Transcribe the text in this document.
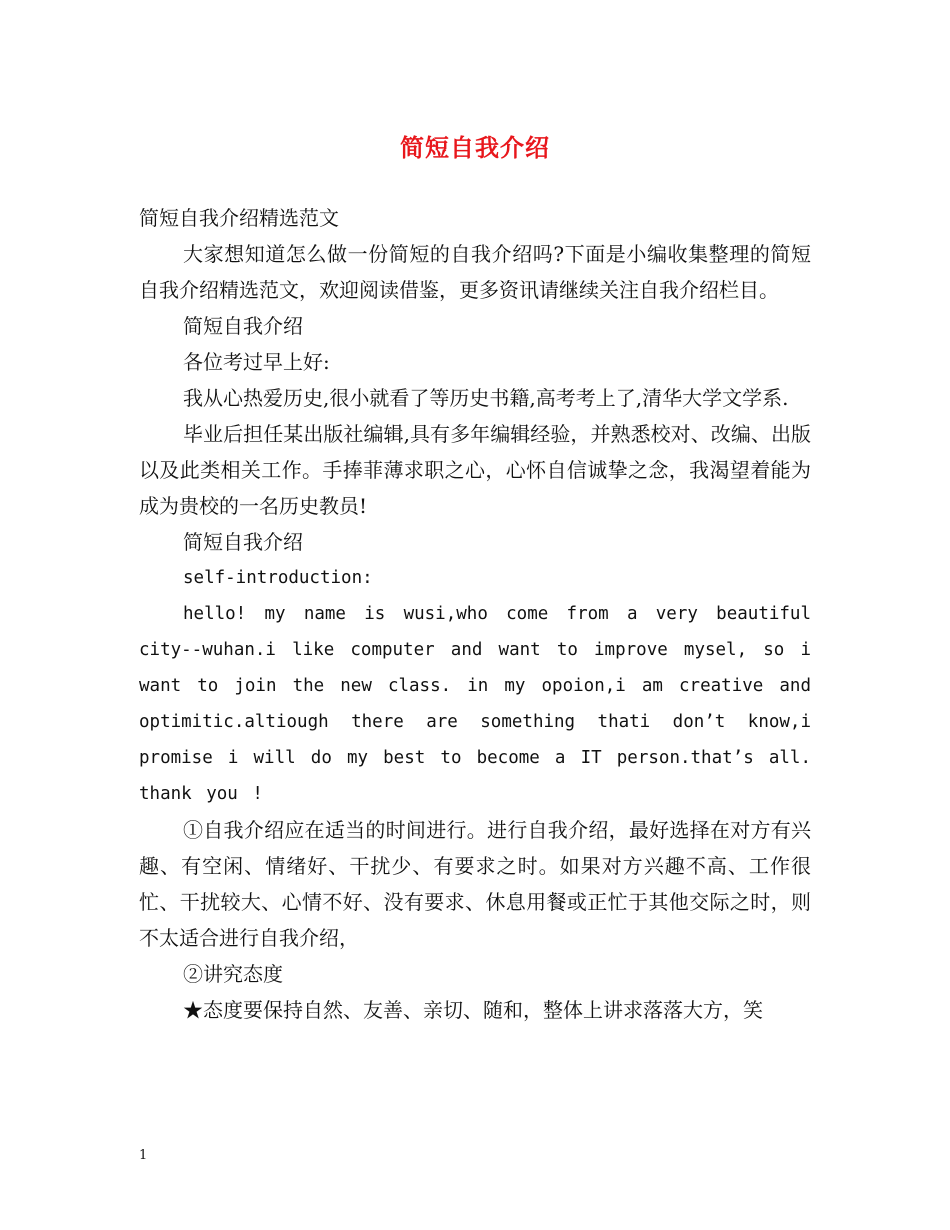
简短自我介绍

简短自我介绍精选范文

大家想知道怎么做一份简短的自我介绍吗?下面是小编收集整理的简短自我介绍精选范文，欢迎阅读借鉴，更多资讯请继续关注自我介绍栏目。

简短自我介绍

各位考过早上好:

我从心热爱历史,很小就看了等历史书籍,高考考上了,清华大学文学系.

毕业后担任某出版社编辑,具有多年编辑经验，并熟悉校对、改编、出版以及此类相关工作。手捧菲薄求职之心，心怀自信诚挚之念，我渴望着能为成为贵校的一名历史教员!

简短自我介绍

self-introduction:

hello! my name is wusi,who come from a very beautiful city--wuhan.i like computer and want to improve mysel, so i want to join the new class. in my opoion,i am creative and optimitic.altiough there are something thati don’t know,i promise i will do my best to become a IT person.that’s all. thank you !

①自我介绍应在适当的时间进行。进行自我介绍，最好选择在对方有兴趣、有空闲、情绪好、干扰少、有要求之时。如果对方兴趣不高、工作很忙、干扰较大、心情不好、没有要求、休息用餐或正忙于其他交际之时，则不太适合进行自我介绍，

②讲究态度

★态度要保持自然、友善、亲切、随和，整体上讲求落落大方，笑

1
